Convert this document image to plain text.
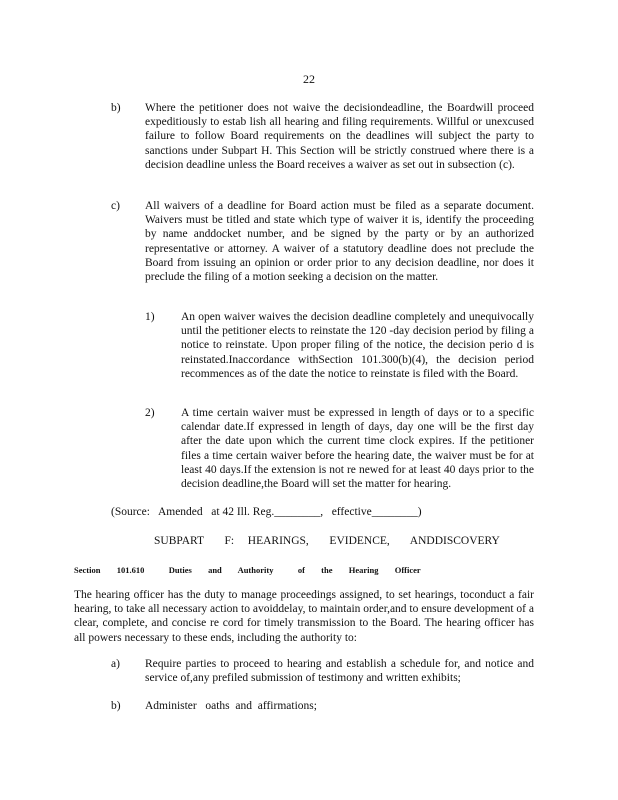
22
b) Where the petitioner does not waive the decisiondeadline, the Boardwill proceed expeditiously to estab lish all hearing and filing requirements. Willful or unexcused failure to follow Board requirements on the deadlines will subject the party to sanctions under Subpart H. This Section will be strictly construed where there is a decision deadline unless the Board receives a waiver as set out in subsection (c).

c) All waivers of a deadline for Board action must be filed as a separate document. Waivers must be titled and state which type of waiver it is, identify the proceeding by name anddocket number, and be signed by the party or by an authorized representative or attorney. A waiver of a statutory deadline does not preclude the Board from issuing an opinion or order prior to any decision deadline, nor does it preclude the filing of a motion seeking a decision on the matter.

1) An open waiver waives the decision deadline completely and unequivocally until the petitioner elects to reinstate the 120 -day decision period by filing a notice to reinstate. Upon proper filing of the notice, the decision perio d is reinstated.Inaccordance withSection 101.300(b)(4), the decision period recommences as of the date the notice to reinstate is filed with the Board.

2) A time certain waiver must be expressed in length of days or to a specific calendar date.If expressed in length of days, day one will be the first day after the date upon which the current time clock expires. If the petitioner files a time certain waiver before the hearing date, the waiver must be for at least 40 days.If the extension is not re newed for at least 40 days prior to the decision deadline,the Board will set the matter for hearing.

(Source:   Amended   at 42 Ill. Reg.________,   effective________)
SUBPART   F:  HEARINGS,   EVIDENCE,   ANDDISCOVERY
Section  101.610   Duties  and  Authority   of  the  Hearing  Officer

The hearing officer has the duty to manage proceedings assigned, to set hearings, toconduct a fair hearing, to take all necessary action to avoiddelay, to maintain order,and to ensure development of a clear, complete, and concise re cord for timely transmission to the Board. The hearing officer has all powers necessary to these ends, including the authority to:

a) Require parties to proceed to hearing and establish a schedule for, and notice and service of,any prefiled submission of testimony and written exhibits;

b) Administer   oaths  and  affirmations;
